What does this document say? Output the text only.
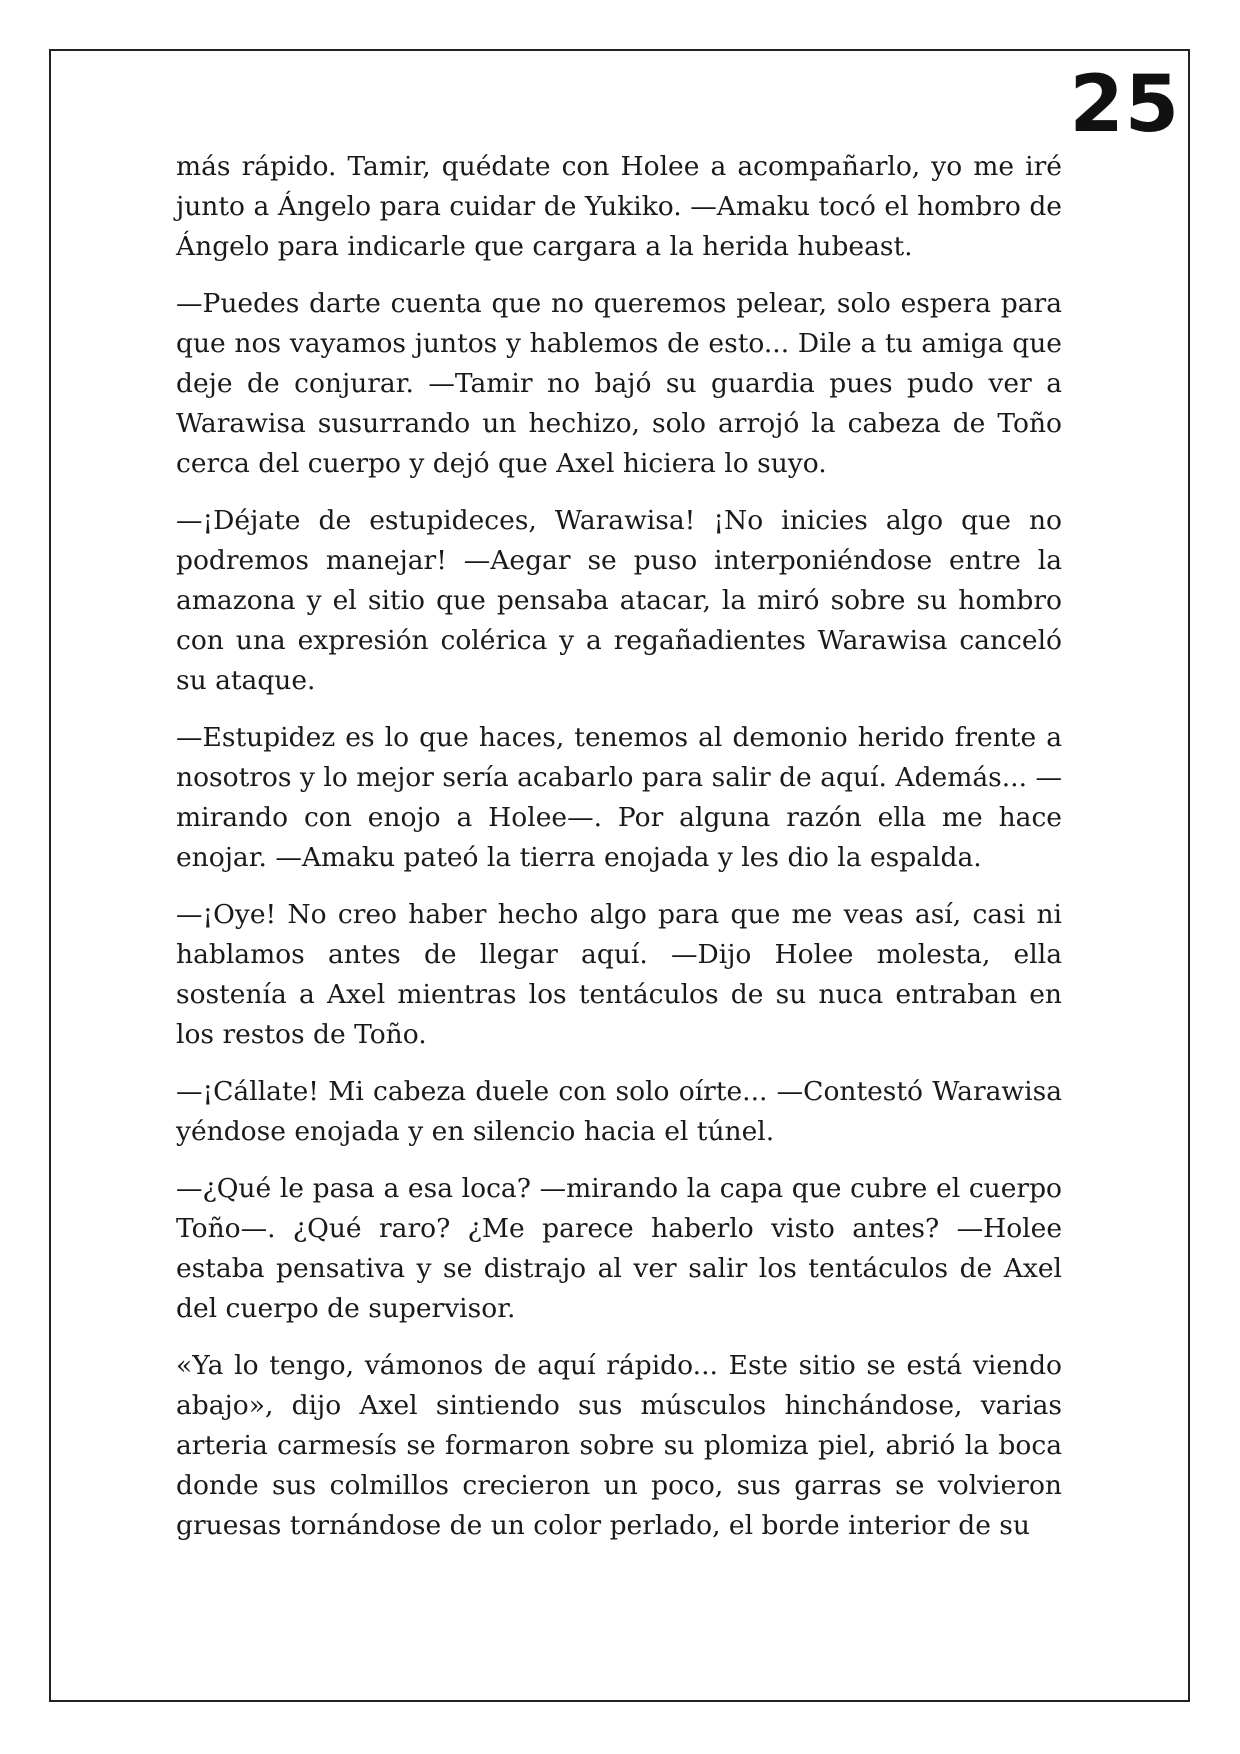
25

más rápido. Tamir, quédate con Holee a acompañarlo, yo me iré junto a Ángelo para cuidar de Yukiko. —Amaku tocó el hombro de Ángelo para indicarle que cargara a la herida hubeast.

—Puedes darte cuenta que no queremos pelear, solo espera para que nos vayamos juntos y hablemos de esto... Dile a tu amiga que deje de conjurar. —Tamir no bajó su guardia pues pudo ver a Warawisa susurrando un hechizo, solo arrojó la cabeza de Toño cerca del cuerpo y dejó que Axel hiciera lo suyo.

—¡Déjate de estupideces, Warawisa! ¡No inicies algo que no podremos manejar! —Aegar se puso interponiéndose entre la amazona y el sitio que pensaba atacar, la miró sobre su hombro con una expresión colérica y a regañadientes Warawisa canceló su ataque.

—Estupidez es lo que haces, tenemos al demonio herido frente a nosotros y lo mejor sería acabarlo para salir de aquí. Además... —mirando con enojo a Holee—. Por alguna razón ella me hace enojar. —Amaku pateó la tierra enojada y les dio la espalda.

—¡Oye! No creo haber hecho algo para que me veas así, casi ni hablamos antes de llegar aquí. —Dijo Holee molesta, ella sostenía a Axel mientras los tentáculos de su nuca entraban en los restos de Toño.

—¡Cállate! Mi cabeza duele con solo oírte... —Contestó Warawisa yéndose enojada y en silencio hacia el túnel.

—¿Qué le pasa a esa loca? —mirando la capa que cubre el cuerpo Toño—. ¿Qué raro? ¿Me parece haberlo visto antes? —Holee estaba pensativa y se distrajo al ver salir los tentáculos de Axel del cuerpo de supervisor.

«Ya lo tengo, vámonos de aquí rápido... Este sitio se está viendo abajo», dijo Axel sintiendo sus músculos hinchándose, varias arteria carmesís se formaron sobre su plomiza piel, abrió la boca donde sus colmillos crecieron un poco, sus garras se volvieron gruesas tornándose de un color perlado, el borde interior de su
